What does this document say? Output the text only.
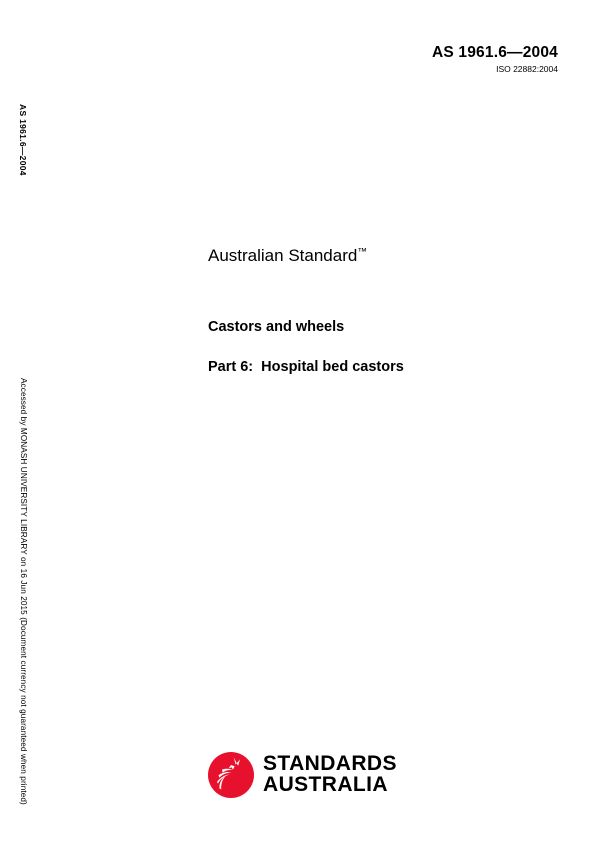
AS 1961.6—2004
ISO 22882:2004
AS 1961.6—2004
Accessed by MONASH UNIVERSITY LIBRARY on 16 Jun 2015 (Document currency not guaranteed when printed)
Australian Standard™
Castors and wheels
Part 6:  Hospital bed castors
STANDARDS
AUSTRALIA
